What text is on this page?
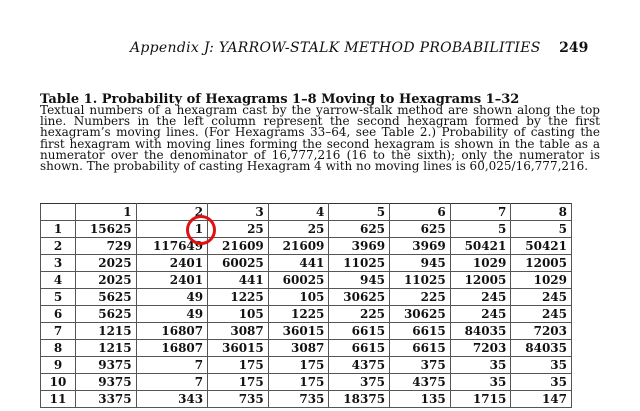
Appendix J: YARROW-STALK METHOD PROBABILITIES 249
Table 1. Probability of Hexagrams 1–8 Moving to Hexagrams 1–32
Textual numbers of a hexagram cast by the yarrow-stalk method are shown along the top line. Numbers in the left column represent the second hexagram formed by the first hexagram’s moving lines. (For Hexagrams 33–64, see Table 2.) Probability of casting the first hexagram with moving lines forming the second hexagram is shown in the table as a numerator over the denominator of 16,777,216 (16 to the sixth); only the numerator is shown. The probability of casting Hexagram 4 with no moving lines is 60,025/16,777,216.
	1	2	3	4	5	6	7	8
1	15625	1	25	25	625	625	5	5
2	729	117649	21609	21609	3969	3969	50421	50421
3	2025	2401	60025	441	11025	945	1029	12005
4	2025	2401	441	60025	945	11025	12005	1029
5	5625	49	1225	105	30625	225	245	245
6	5625	49	105	1225	225	30625	245	245
7	1215	16807	3087	36015	6615	6615	84035	7203
8	1215	16807	36015	3087	6615	6615	7203	84035
9	9375	7	175	175	4375	375	35	35
10	9375	7	175	175	375	4375	35	35
11	3375	343	735	735	18375	135	1715	147
